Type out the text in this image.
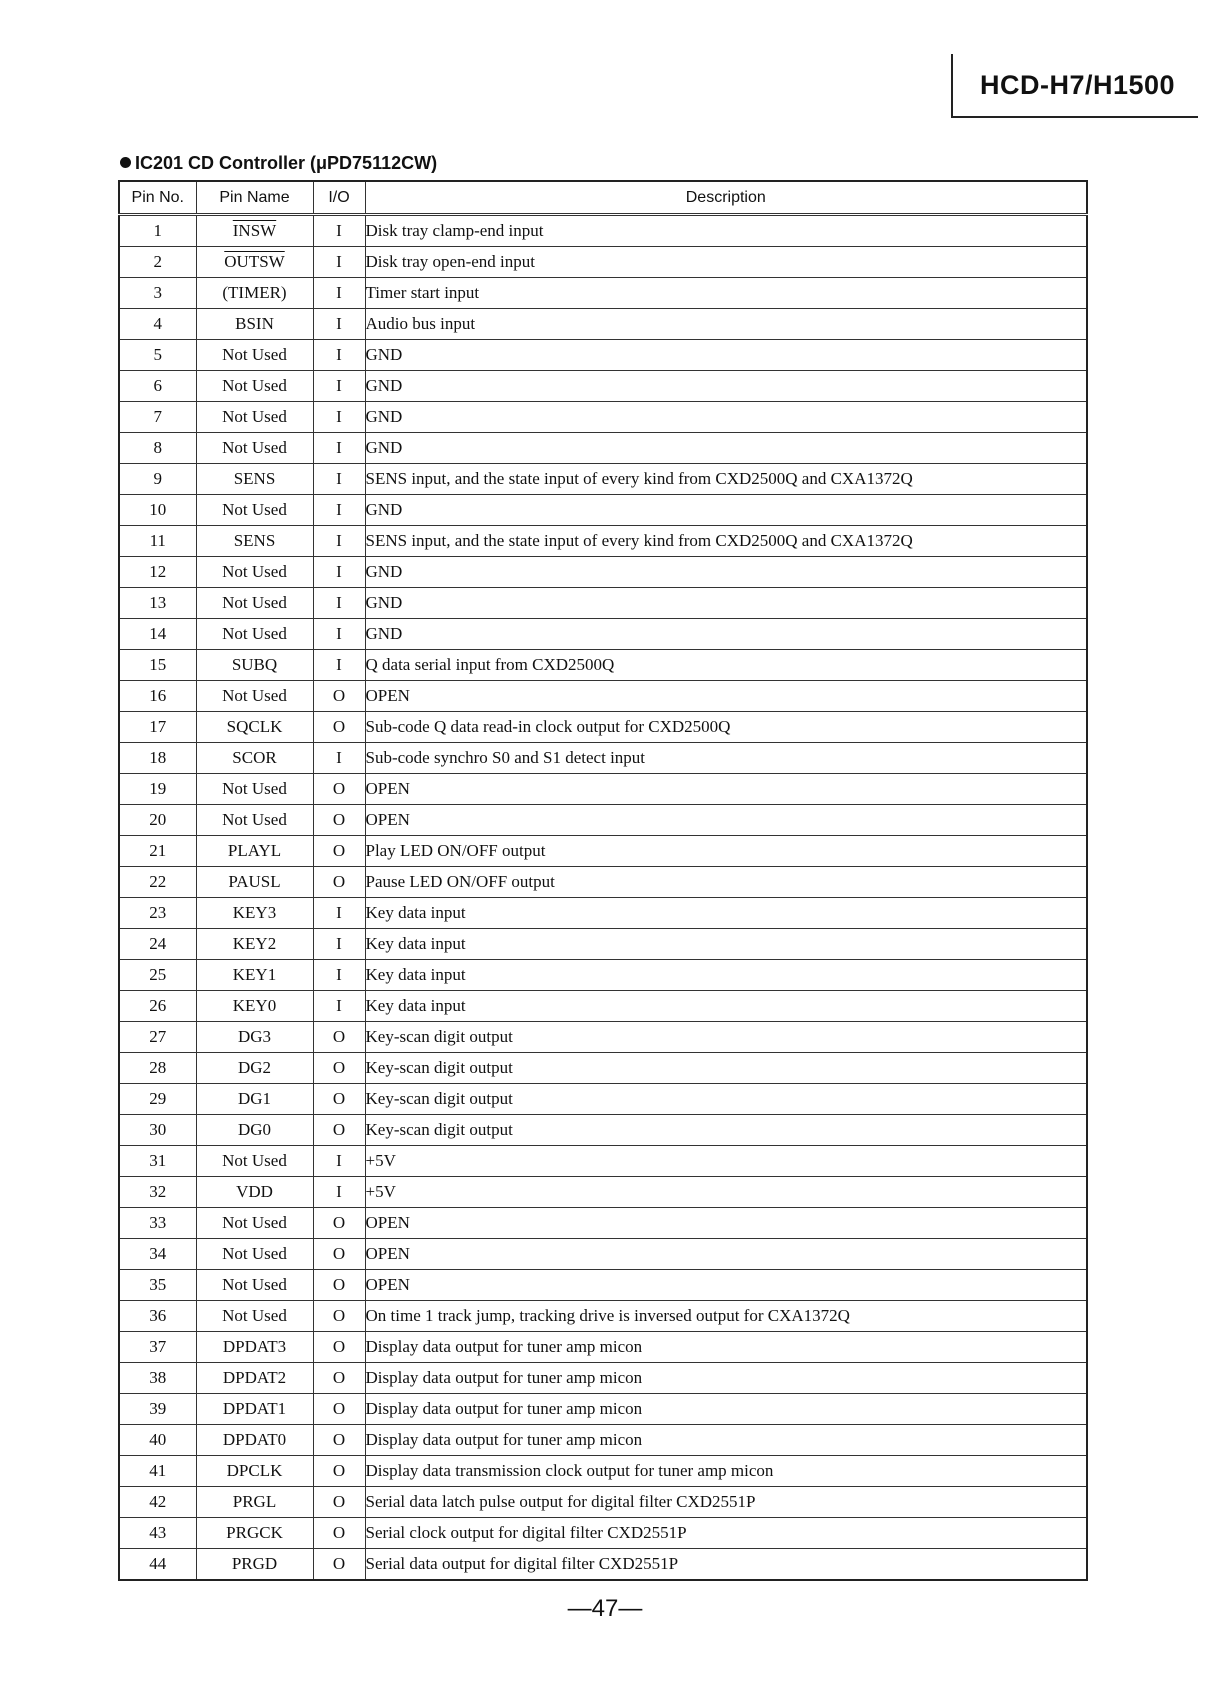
HCD-H7/H1500
IC201 CD Controller (μPD75112CW)
Pin No.	Pin Name	I/O	Description
1	INSW	I	Disk tray clamp-end input
2	OUTSW	I	Disk tray open-end input
3	(TIMER)	I	Timer start input
4	BSIN	I	Audio bus input
5	Not Used	I	GND
6	Not Used	I	GND
7	Not Used	I	GND
8	Not Used	I	GND
9	SENS	I	SENS input, and the state input of every kind from CXD2500Q and CXA1372Q
10	Not Used	I	GND
11	SENS	I	SENS input, and the state input of every kind from CXD2500Q and CXA1372Q
12	Not Used	I	GND
13	Not Used	I	GND
14	Not Used	I	GND
15	SUBQ	I	Q data serial input from CXD2500Q
16	Not Used	O	OPEN
17	SQCLK	O	Sub-code Q data read-in clock output for CXD2500Q
18	SCOR	I	Sub-code synchro S0 and S1 detect input
19	Not Used	O	OPEN
20	Not Used	O	OPEN
21	PLAYL	O	Play LED ON/OFF output
22	PAUSL	O	Pause LED ON/OFF output
23	KEY3	I	Key data input
24	KEY2	I	Key data input
25	KEY1	I	Key data input
26	KEY0	I	Key data input
27	DG3	O	Key-scan digit output
28	DG2	O	Key-scan digit output
29	DG1	O	Key-scan digit output
30	DG0	O	Key-scan digit output
31	Not Used	I	+5V
32	VDD	I	+5V
33	Not Used	O	OPEN
34	Not Used	O	OPEN
35	Not Used	O	OPEN
36	Not Used	O	On time 1 track jump, tracking drive is inversed output for CXA1372Q
37	DPDAT3	O	Display data output for tuner amp micon
38	DPDAT2	O	Display data output for tuner amp micon
39	DPDAT1	O	Display data output for tuner amp micon
40	DPDAT0	O	Display data output for tuner amp micon
41	DPCLK	O	Display data transmission clock output for tuner amp micon
42	PRGL	O	Serial data latch pulse output for digital filter CXD2551P
43	PRGCK	O	Serial clock output for digital filter CXD2551P
44	PRGD	O	Serial data output for digital filter CXD2551P
—47—
